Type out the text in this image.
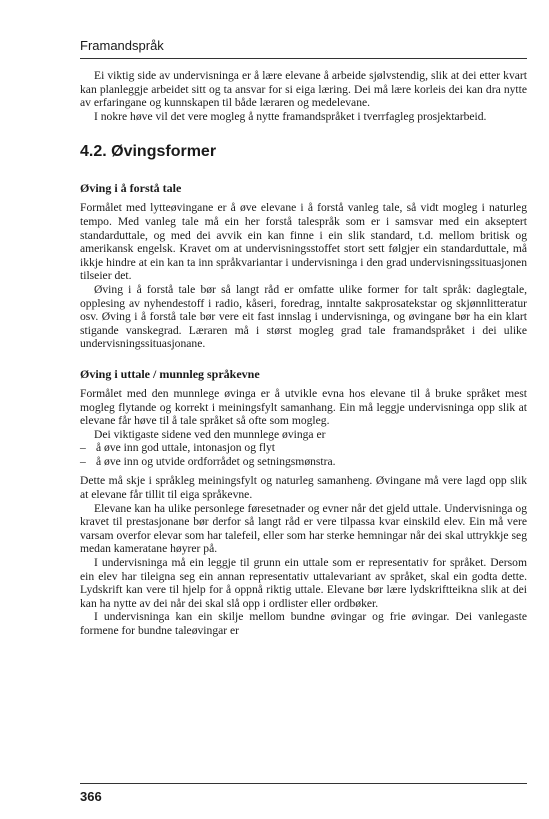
Framandspråk

Ei viktig side av undervisninga er å lære elevane å arbeide sjølvstendig, slik at dei etter kvart kan planleggje arbeidet sitt og ta ansvar for si eiga læring. Dei må lære korleis dei kan dra nytte av erfaringane og kunnskapen til både læraren og medelevane.

I nokre høve vil det vere mogleg å nytte framandspråket i tverrfagleg prosjektarbeid.

4.2. Øvingsformer
Øving i å forstå tale

Formålet med lytteøvingane er å øve elevane i å forstå vanleg tale, så vidt mogleg i naturleg tempo. Med vanleg tale må ein her forstå talespråk som er i samsvar med ein akseptert standarduttale, og med dei avvik ein kan finne i ein slik standard, t.d. mellom britisk og amerikansk engelsk. Kravet om at undervisningsstoffet stort sett følgjer ein standarduttale, må ikkje hindre at ein kan ta inn språkvariantar i undervisninga i den grad undervisningssituasjonen tilseier det.

Øving i å forstå tale bør så langt råd er omfatte ulike former for talt språk: daglegtale, opplesing av nyhendestoff i radio, kåseri, foredrag, inntalte sakprosatekstar og skjønnlitteratur osv. Øving i å forstå tale bør vere eit fast innslag i undervisninga, og øvingane bør ha ein klart stigande vanskegrad. Læraren må i størst mogleg grad tale framandspråket i dei ulike undervisningssituasjonane.

Øving i uttale / munnleg språkevne

Formålet med den munnlege øvinga er å utvikle evna hos elevane til å bruke språket mest mogleg flytande og korrekt i meiningsfylt samanhang. Ein må leggje undervisninga opp slik at elevane får høve til å tale språket så ofte som mogleg.

Dei viktigaste sidene ved den munnlege øvinga er

– å øve inn god uttale, intonasjon og flyt
– å øve inn og utvide ordforrådet og setningsmønstra.

Dette må skje i språkleg meiningsfylt og naturleg samanheng. Øvingane må vere lagd opp slik at elevane får tillit til eiga språkevne.

Elevane kan ha ulike personlege føresetnader og evner når det gjeld uttale. Undervisninga og kravet til prestasjonane bør derfor så langt råd er vere tilpassa kvar einskild elev. Ein må vere varsam overfor elevar som har talefeil, eller som har sterke hemningar når dei skal uttrykkje seg medan kameratane høyrer på.

I undervisninga må ein leggje til grunn ein uttale som er representativ for språket. Dersom ein elev har tileigna seg ein annan representativ uttalevariant av språket, skal ein godta dette. Lydskrift kan vere til hjelp for å oppnå riktig uttale. Elevane bør lære lydskriftteikna slik at dei kan ha nytte av dei når dei skal slå opp i ordlister eller ordbøker.

I undervisninga kan ein skilje mellom bundne øvingar og frie øvingar. Dei vanlegaste formene for bundne taleøvingar er

366
